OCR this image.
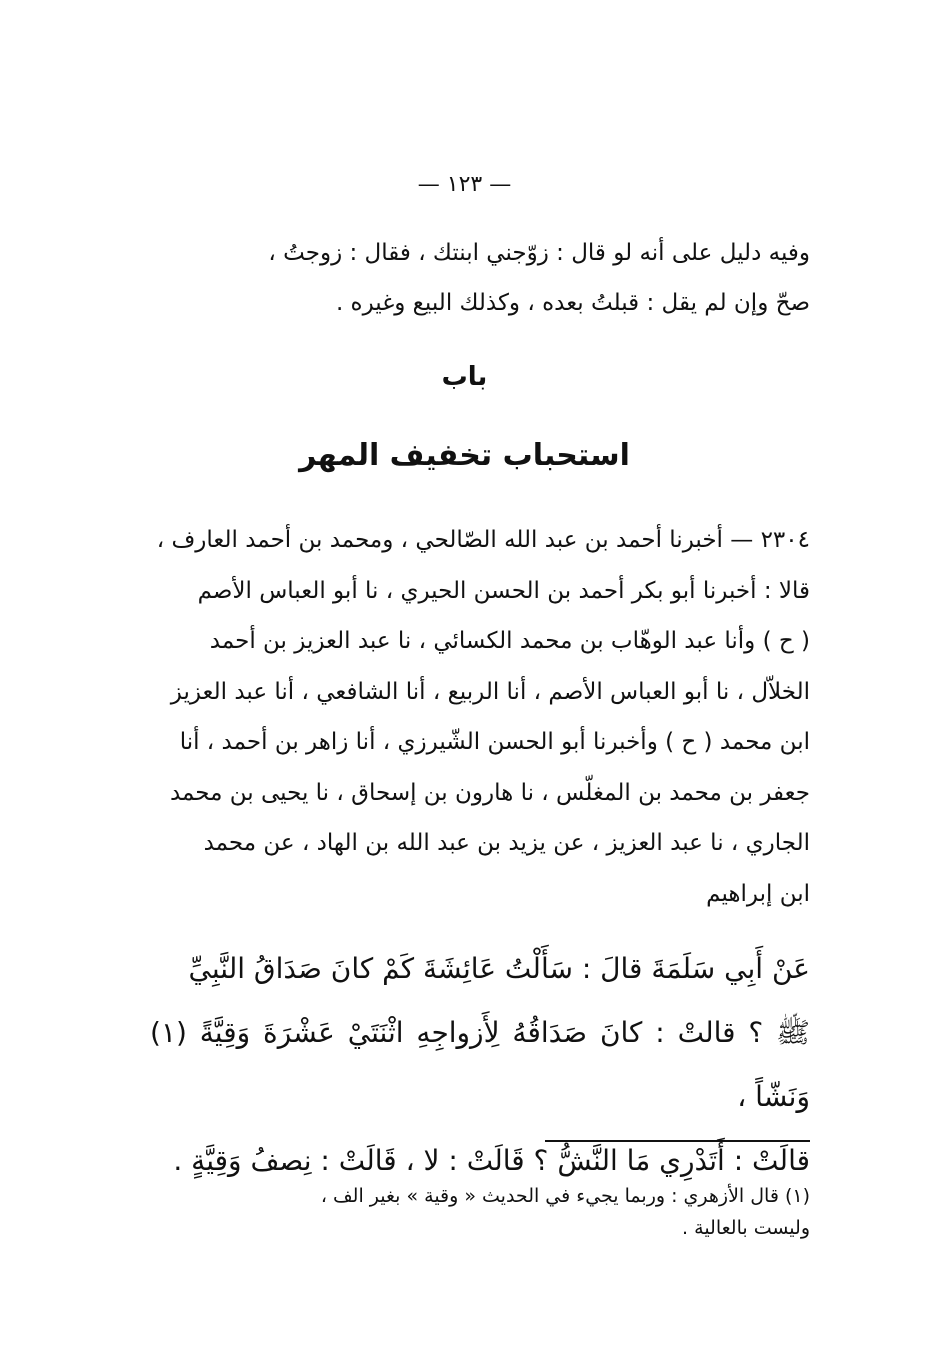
— ١٢٣ —
وفيه دليل على أنه لو قال : زوّجني ابنتك ، فقال : زوجتُ ،
صحّ وإن لم يقل : قبلتُ بعده ، وكذلك البيع وغيره .
باب
استحباب تخفيف المهر
٢٣٠٤ — أخبرنا أحمد بن عبد الله الصّالحي ، ومحمد بن أحمد العارف ،
قالا : أخبرنا أبو بكر أحمد بن الحسن الحيري ، نا أبو العباس الأصم
( ح ) وأنا عبد الوهّاب بن محمد الكسائي ، نا عبد العزيز بن أحمد
الخلاّل ، نا أبو العباس الأصم ، أنا الربيع ، أنا الشافعي ، أنا عبد العزيز
ابن محمد ( ح ) وأخبرنا أبو الحسن الشّيرزي ، أنا زاهر بن أحمد ، أنا
جعفر بن محمد بن المغلّس ، نا هارون بن إسحاق ، نا يحيى بن محمد
الجاري ، نا عبد العزيز ، عن يزيد بن عبد الله بن الهاد ، عن محمد
ابن إبراهيم
عَنْ أَبِي سَلَمَةَ قالَ : سَأَلْتُ عَائِشَةَ كَمْ كانَ صَدَاقُ النَّبِيِّ
ﷺ ؟ قالتْ : كانَ صَدَاقُهُ لِأَزواجِهِ اثْنَتَيْ عَشْرَةَ وَقِيَّةً (١) وَنَشّاً ،
قالَتْ : أَتَدْرِي مَا النَّشُّ ؟ قَالَتْ : لا ، قَالَتْ : نِصفُ وَقِيَّةٍ .
(١) قال الأزهري : وربما يجيء في الحديث « وقية » بغير الف ،
وليست بالعالية .
